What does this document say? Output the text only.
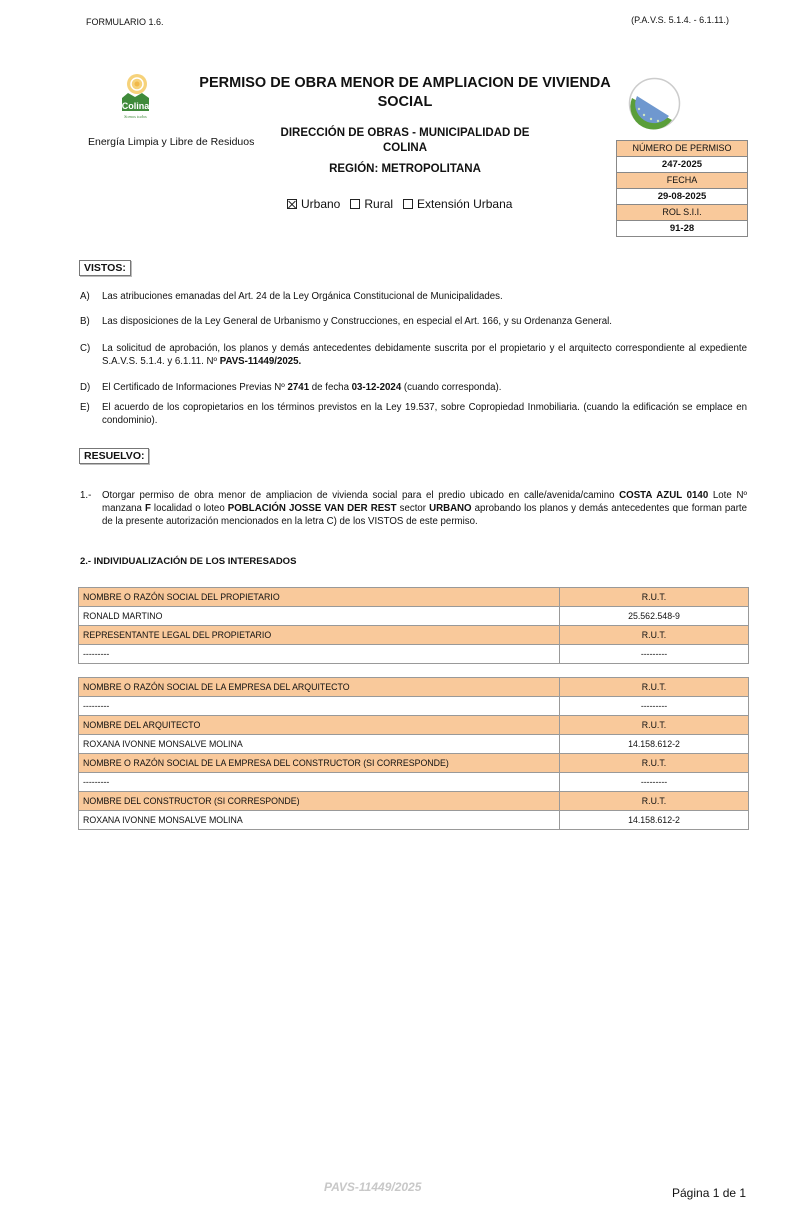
FORMULARIO 1.6.	(P.A.V.S. 5.1.4. - 6.1.11.)
Colina
Somos todos
Energía Limpia y Libre de Residuos
PERMISO DE OBRA MENOR DE AMPLIACION DE VIVIENDA SOCIAL
DIRECCIÓN DE OBRAS - MUNICIPALIDAD DE COLINA
REGIÓN: METROPOLITANA
Urbano Rural Extensión Urbana
NÚMERO DE PERMISO
247-2025
FECHA
29-08-2025
ROL S.I.I.
91-28
VISTOS:
A)	Las atribuciones emanadas del Art. 24 de la Ley Orgánica Constitucional de Municipalidades.
B)	Las disposiciones de la Ley General de Urbanismo y Construcciones, en especial el Art. 166, y su Ordenanza General.
C)	La solicitud de aprobación, los planos y demás antecedentes debidamente suscrita por el propietario y el arquitecto correspondiente al expediente S.A.V.S. 5.1.4. y 6.1.11. Nº PAVS-11449/2025.
D)	El Certificado de Informaciones Previas Nº 2741 de fecha 03-12-2024 (cuando corresponda).
E)	El acuerdo de los copropietarios en los términos previstos en la Ley 19.537, sobre Copropiedad Inmobiliaria. (cuando la edificación se emplace en condominio).
RESUELVO:
1.-	Otorgar permiso de obra menor de ampliacion de vivienda social para el predio ubicado en calle/avenida/camino COSTA AZUL 0140 Lote Nº manzana F localidad o loteo POBLACIÓN JOSSE VAN DER REST sector URBANO aprobando los planos y demás antecedentes que forman parte de la presente autorización mencionados en la letra C) de los VISTOS de este permiso.
2.- INDIVIDUALIZACIÓN DE LOS INTERESADOS
NOMBRE O RAZÓN SOCIAL DEL PROPIETARIO	R.U.T.
RONALD MARTINO	25.562.548-9
REPRESENTANTE LEGAL DEL PROPIETARIO	R.U.T.
---------	---------
NOMBRE O RAZÓN SOCIAL DE LA EMPRESA DEL ARQUITECTO	R.U.T.
---------	---------
NOMBRE DEL ARQUITECTO	R.U.T.
ROXANA IVONNE MONSALVE MOLINA	14.158.612-2
NOMBRE O RAZÓN SOCIAL DE LA EMPRESA DEL CONSTRUCTOR (SI CORRESPONDE)	R.U.T.
---------	---------
NOMBRE DEL CONSTRUCTOR (SI CORRESPONDE)	R.U.T.
ROXANA IVONNE MONSALVE MOLINA	14.158.612-2
PAVS-11449/2025	Página 1 de 1
